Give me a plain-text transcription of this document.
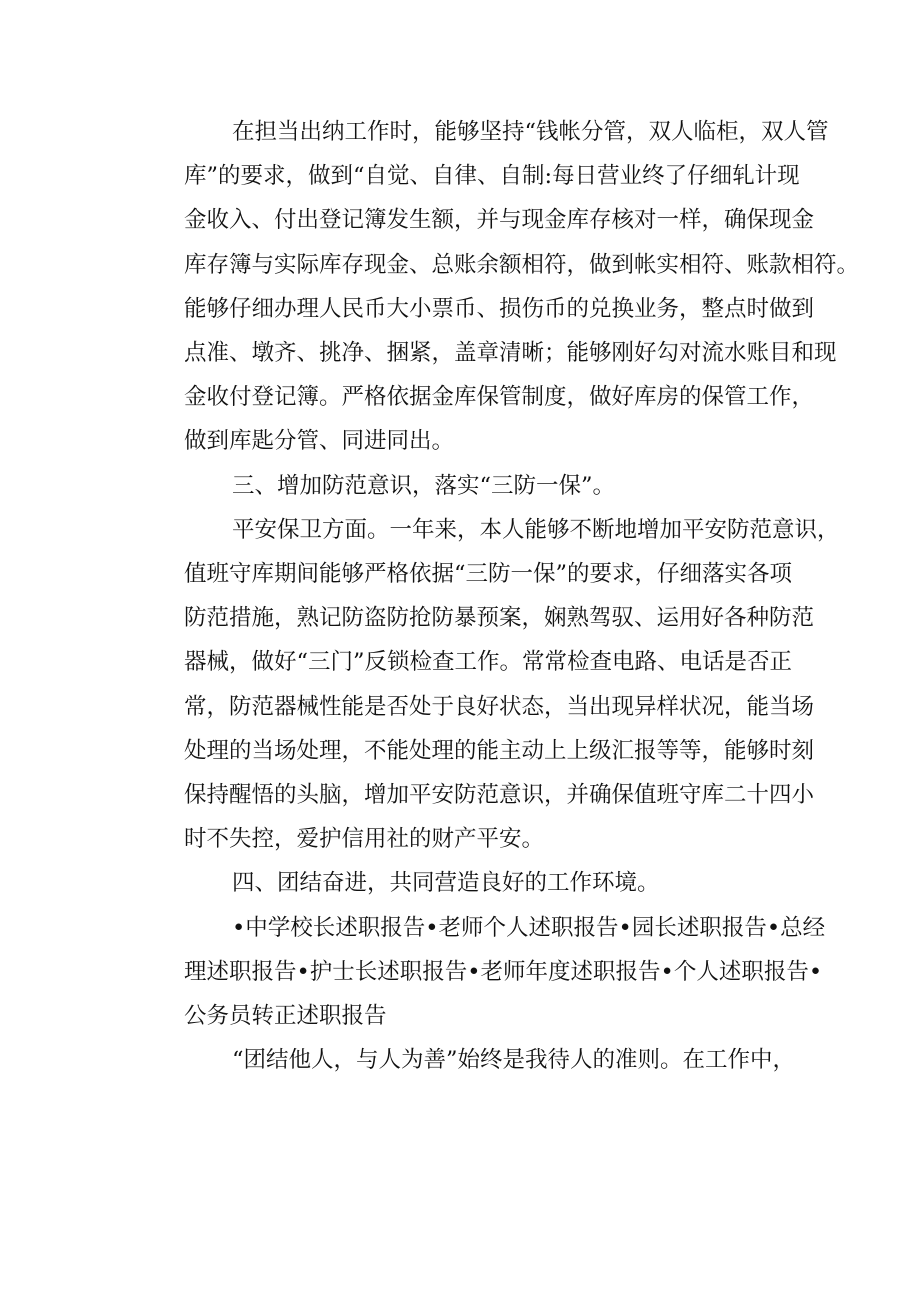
在担当出纳工作时，能够坚持“钱帐分管，双人临柜，双人管
库”的要求，做到“自觉、自律、自制:每日营业终了仔细轧计现
金收入、付出登记簿发生额，并与现金库存核对一样，确保现金
库存簿与实际库存现金、总账余额相符，做到帐实相符、账款相符。
能够仔细办理人民币大小票币、损伤币的兑换业务，整点时做到
点准、墩齐、挑净、捆紧，盖章清晰；能够刚好勾对流水账目和现
金收付登记簿。严格依据金库保管制度，做好库房的保管工作，
做到库匙分管、同进同出。
三、增加防范意识，落实“三防一保”。
平安保卫方面。一年来，本人能够不断地增加平安防范意识，
值班守库期间能够严格依据“三防一保”的要求，仔细落实各项
防范措施，熟记防盗防抢防暴预案，娴熟驾驭、运用好各种防范
器械，做好“三门”反锁检查工作。常常检查电路、电话是否正
常，防范器械性能是否处于良好状态，当出现异样状况，能当场
处理的当场处理，不能处理的能主动上上级汇报等等，能够时刻
保持醒悟的头脑，增加平安防范意识，并确保值班守库二十四小
时不失控，爱护信用社的财产平安。
四、团结奋进，共同营造良好的工作环境。
•中学校长述职报告•老师个人述职报告•园长述职报告•总经
理述职报告•护士长述职报告•老师年度述职报告•个人述职报告•
公务员转正述职报告
“团结他人，与人为善”始终是我待人的准则。在工作中，
